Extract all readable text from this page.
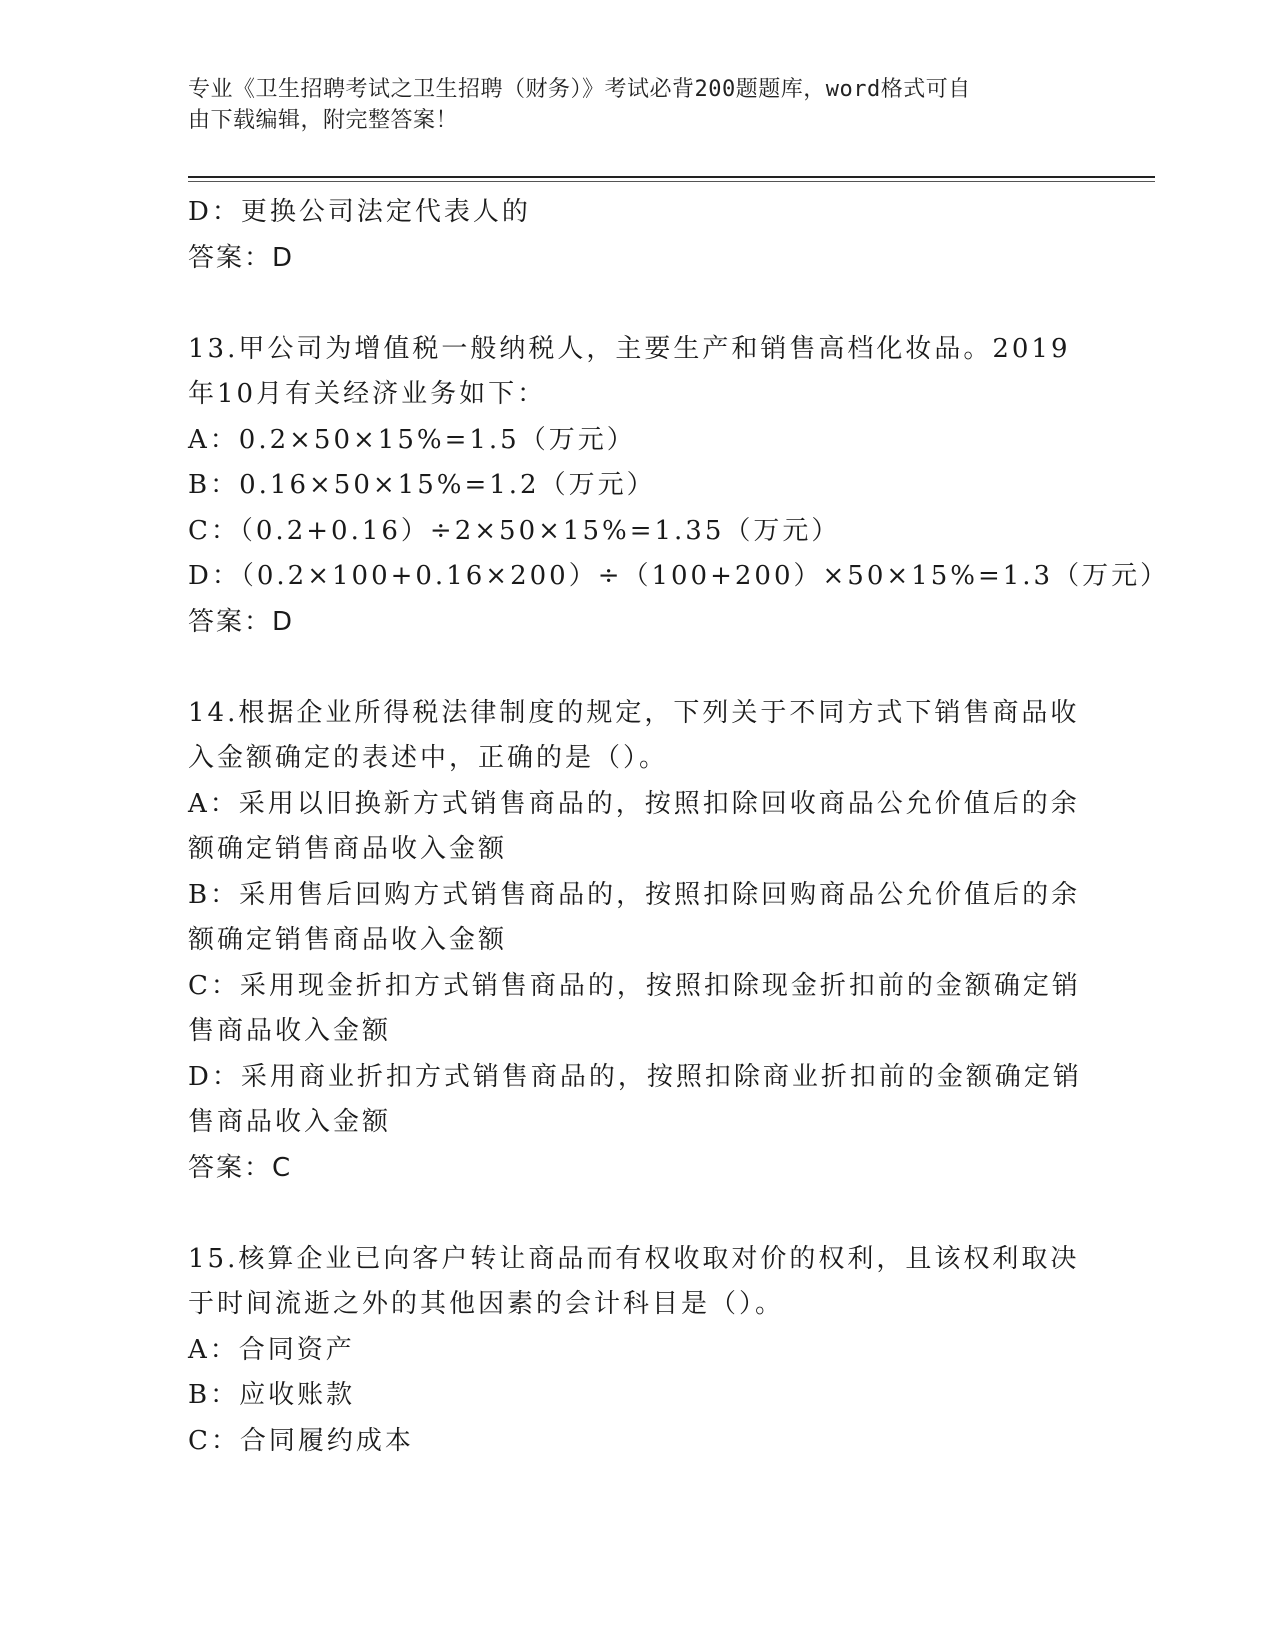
专业《卫生招聘考试之卫生招聘（财务）》考试必背200题题库，word格式可自
由下载编辑，附完整答案！
D：更换公司法定代表人的
答案：D
13.甲公司为增值税一般纳税人，主要生产和销售高档化妆品。2019
年10月有关经济业务如下：
A：0.2×50×15%=1.5（万元）
B：0.16×50×15%=1.2（万元）
C：（0.2+0.16）÷2×50×15%=1.35（万元）
D：（0.2×100+0.16×200）÷（100+200）×50×15%=1.3（万元）
答案：D
14.根据企业所得税法律制度的规定，下列关于不同方式下销售商品收
入金额确定的表述中，正确的是（）。
A：采用以旧换新方式销售商品的，按照扣除回收商品公允价值后的余
额确定销售商品收入金额
B：采用售后回购方式销售商品的，按照扣除回购商品公允价值后的余
额确定销售商品收入金额
C：采用现金折扣方式销售商品的，按照扣除现金折扣前的金额确定销
售商品收入金额
D：采用商业折扣方式销售商品的，按照扣除商业折扣前的金额确定销
售商品收入金额
答案：C
15.核算企业已向客户转让商品而有权收取对价的权利，且该权利取决
于时间流逝之外的其他因素的会计科目是（）。
A：合同资产
B：应收账款
C：合同履约成本
